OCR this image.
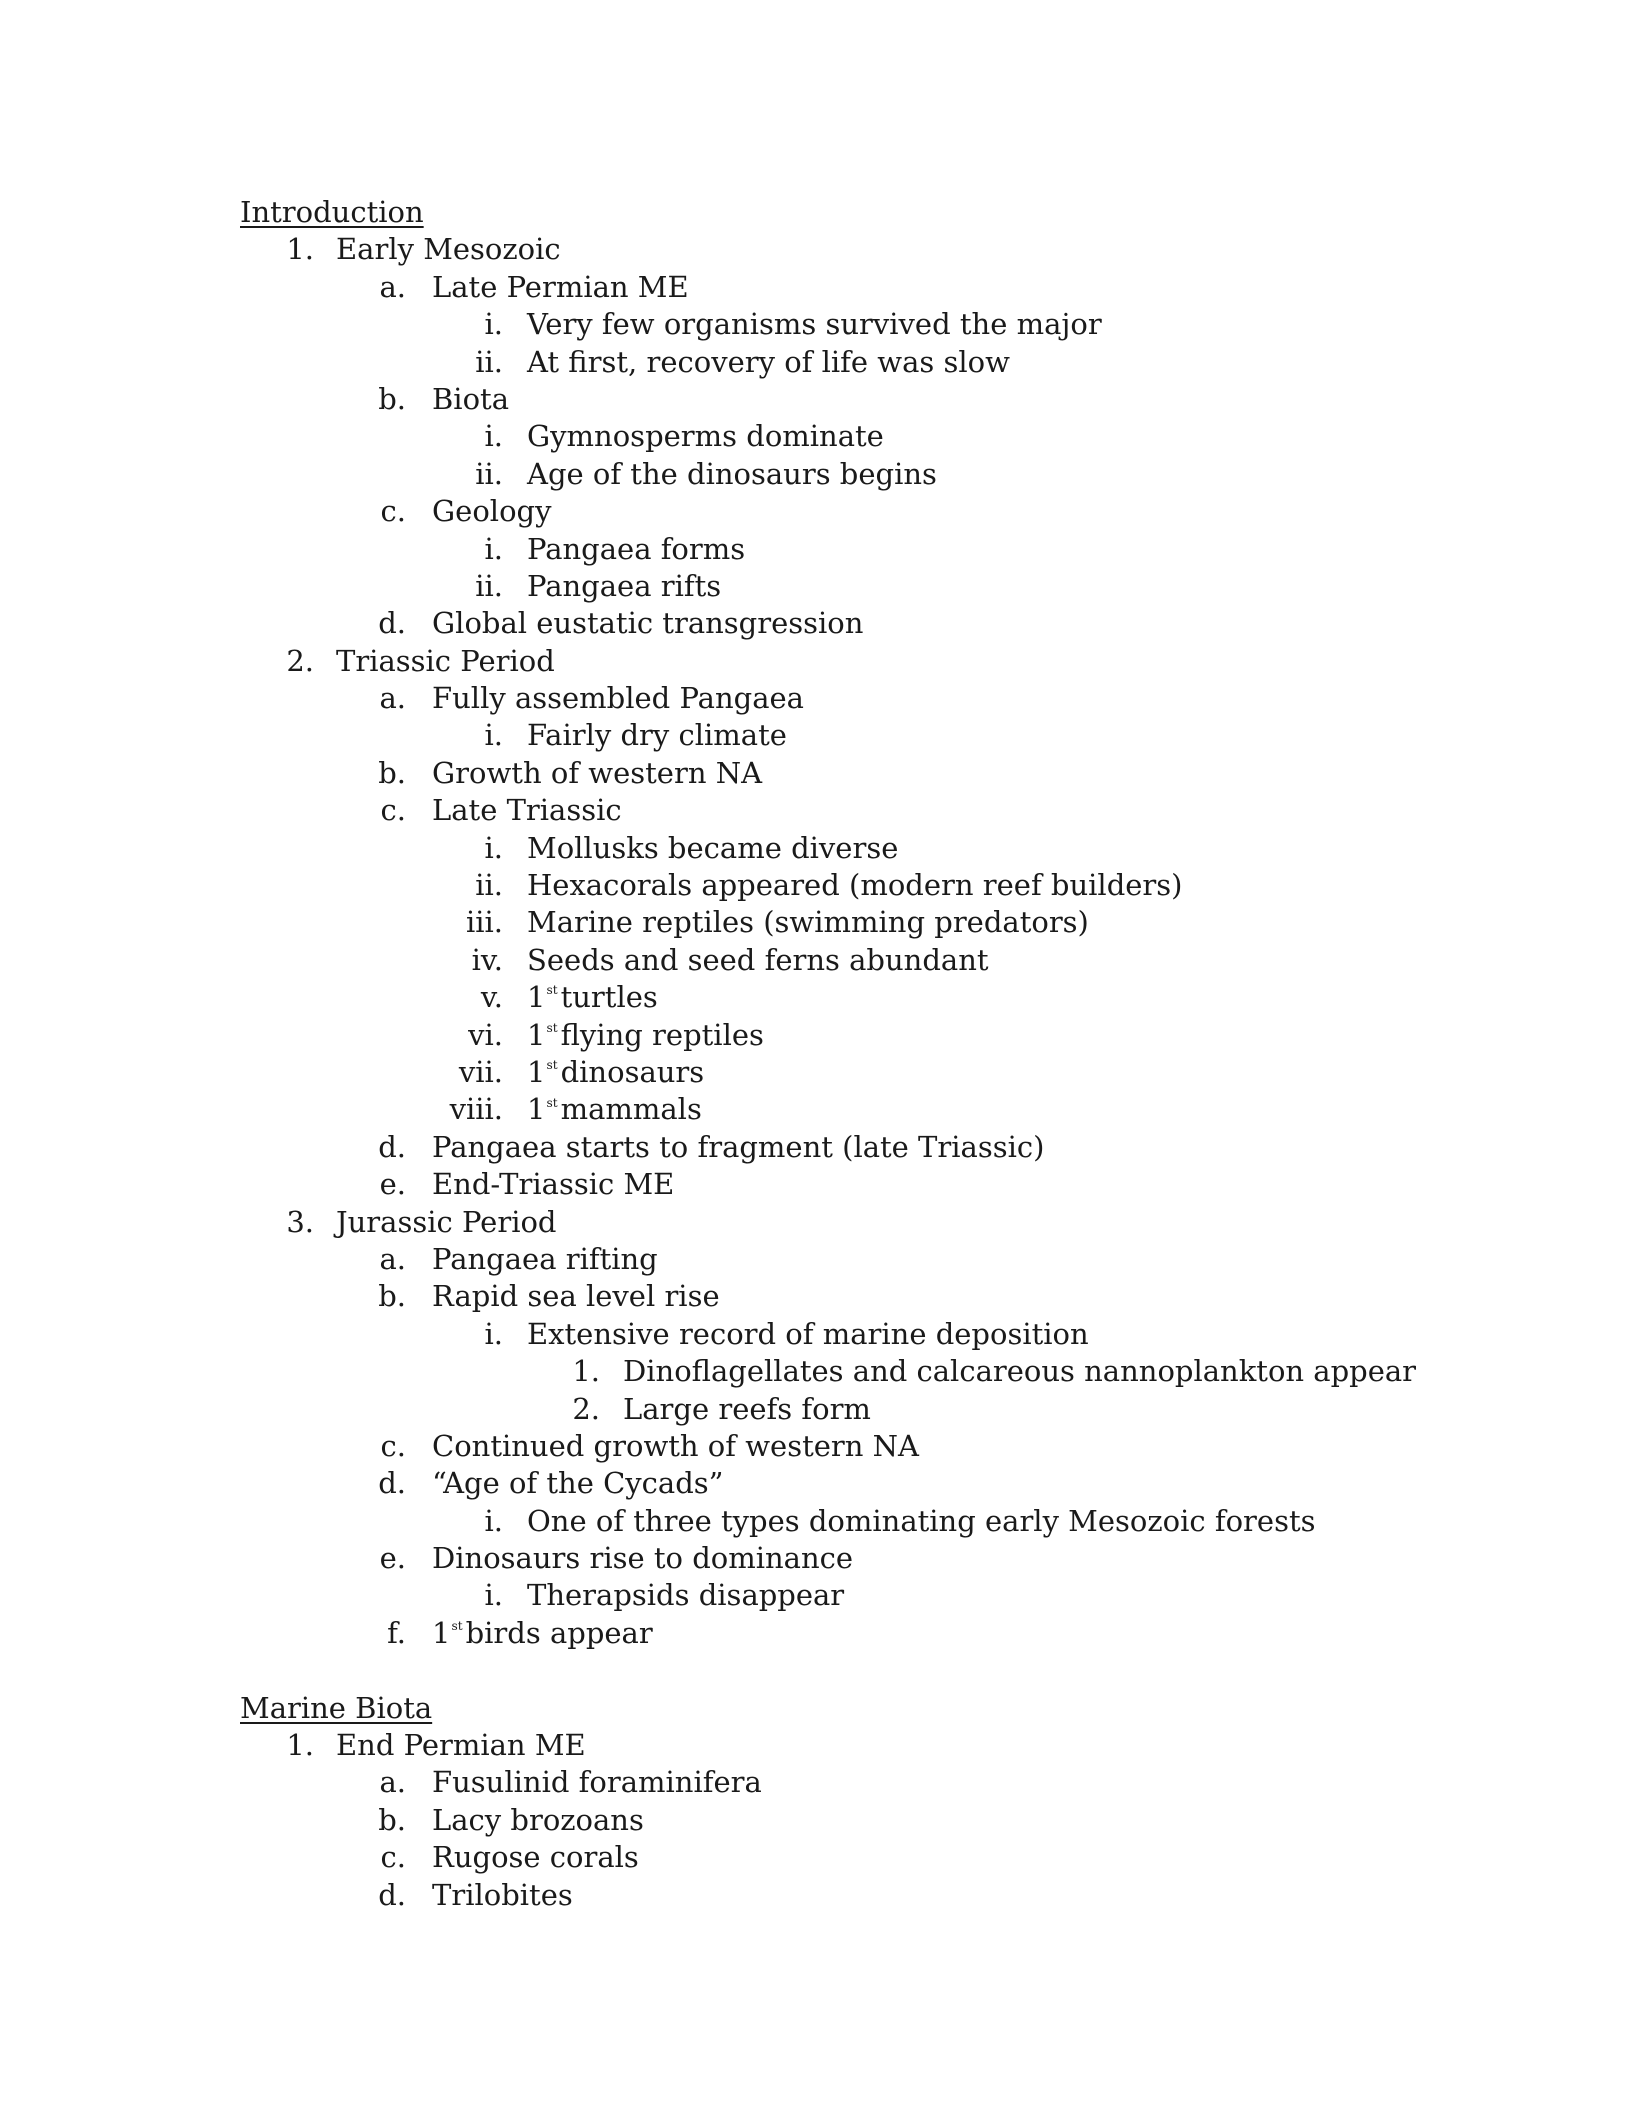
Introduction
1. Early Mesozoic
a. Late Permian ME
i. Very few organisms survived the major
ii. At first, recovery of life was slow
b. Biota
i. Gymnosperms dominate
ii. Age of the dinosaurs begins
c. Geology
i. Pangaea forms
ii. Pangaea rifts
d. Global eustatic transgression
2. Triassic Period
a. Fully assembled Pangaea
i. Fairly dry climate
b. Growth of western NA
c. Late Triassic
i. Mollusks became diverse
ii. Hexacorals appeared (modern reef builders)
iii. Marine reptiles (swimming predators)
iv. Seeds and seed ferns abundant
v. 1st turtles
vi. 1st flying reptiles
vii. 1st dinosaurs
viii. 1st mammals
d. Pangaea starts to fragment (late Triassic)
e. End-Triassic ME
3. Jurassic Period
a. Pangaea rifting
b. Rapid sea level rise
i. Extensive record of marine deposition
1. Dinoflagellates and calcareous nannoplankton appear
2. Large reefs form
c. Continued growth of western NA
d. “Age of the Cycads”
i. One of three types dominating early Mesozoic forests
e. Dinosaurs rise to dominance
i. Therapsids disappear
f. 1st birds appear
Marine Biota
1. End Permian ME
a. Fusulinid foraminifera
b. Lacy brozoans
c. Rugose corals
d. Trilobites
